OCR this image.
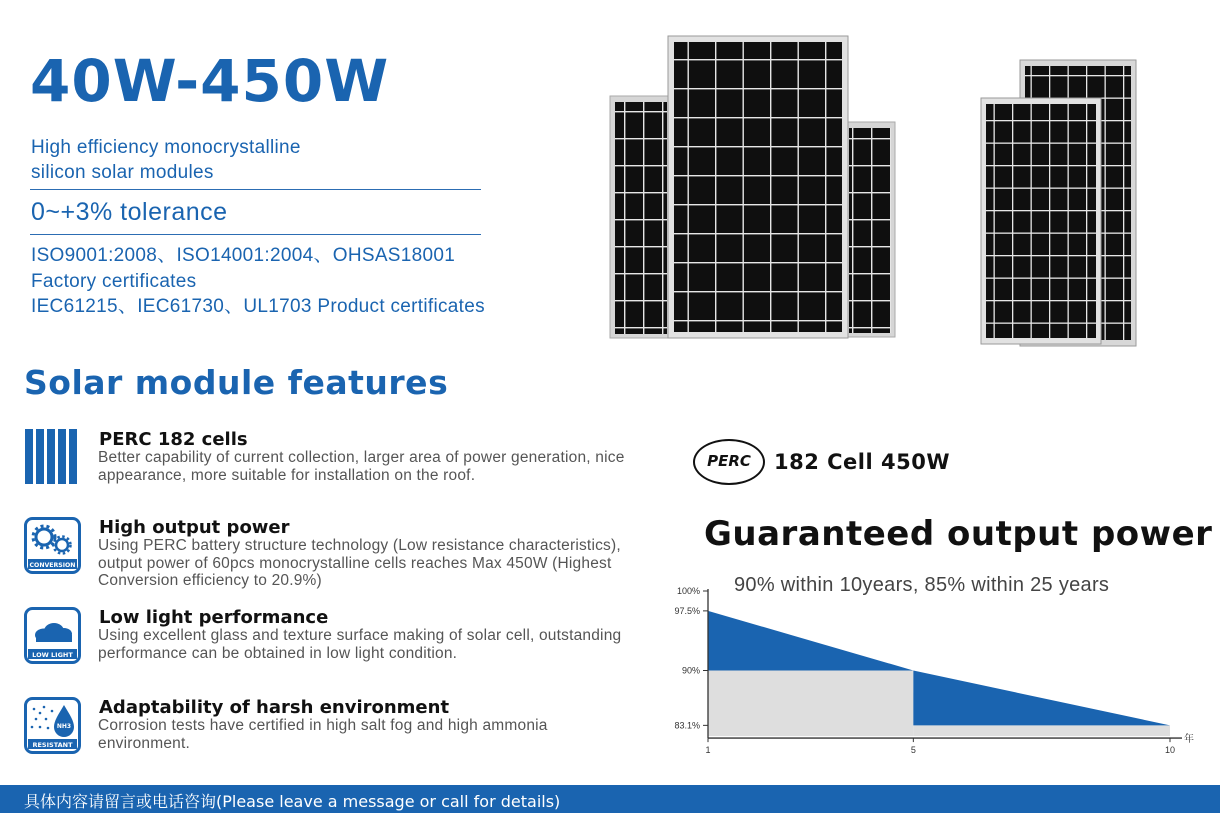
40W-450W
High efficiency monocrystalline
silicon solar modules
0~+3% tolerance
ISO9001:2008、ISO14001:2004、OHSAS18001
Factory certificates
IEC61215、IEC61730、UL1703 Product certificates
Solar module features
PERC 182 cells
Better capability of current collection, larger area of power generation, nice appearance, more suitable for installation on the roof.
CONVERSION
High output power
Using PERC battery structure technology (Low resistance characteristics), output power of 60pcs monocrystalline cells reaches Max 450W (Highest Conversion efficiency to 20.9%)
LOW LIGHT
Low light performance
Using excellent glass and texture surface making of solar cell, outstanding performance can be obtained in low light condition.
NH3
RESISTANT
Adaptability of harsh environment
Corrosion tests have certified in high salt fog and high ammonia environment.
PERC	182 Cell 450W
Guaranteed output power
90% within 10years, 85% within 25 years
100%
97.5%
90%
83.1%
1	5	10
年
具体内容请留言或电话咨询(Please leave a message or call for details)
